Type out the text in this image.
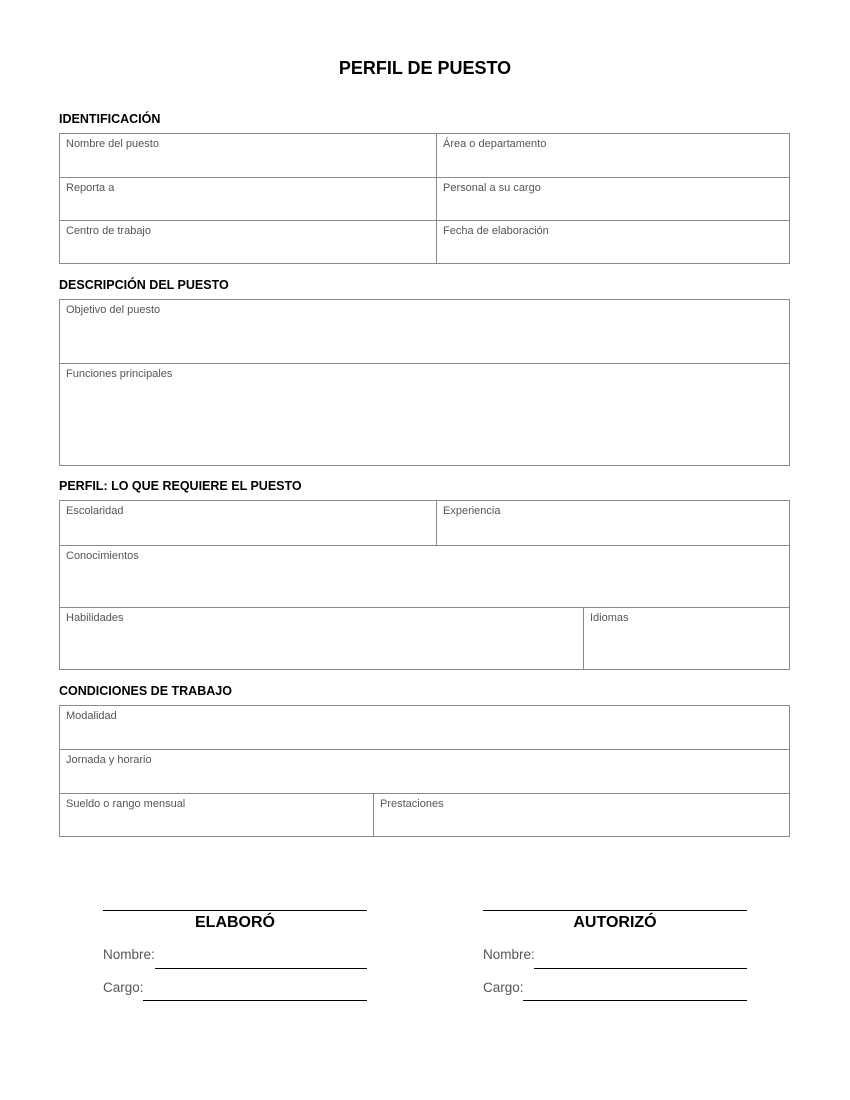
PERFIL DE PUESTO
IDENTIFICACIÓN
Nombre del puesto	Área o departamento
Reporta a	Personal a su cargo
Centro de trabajo	Fecha de elaboración
DESCRIPCIÓN DEL PUESTO
Objetivo del puesto
Funciones principales
PERFIL: LO QUE REQUIERE EL PUESTO
Escolaridad	Experiencia
Conocimientos
Habilidades	Idiomas
CONDICIONES DE TRABAJO
Modalidad
Jornada y horario
Sueldo o rango mensual	Prestaciones
ELABORÓ
Nombre:
Cargo:
AUTORIZÓ
Nombre:
Cargo:
